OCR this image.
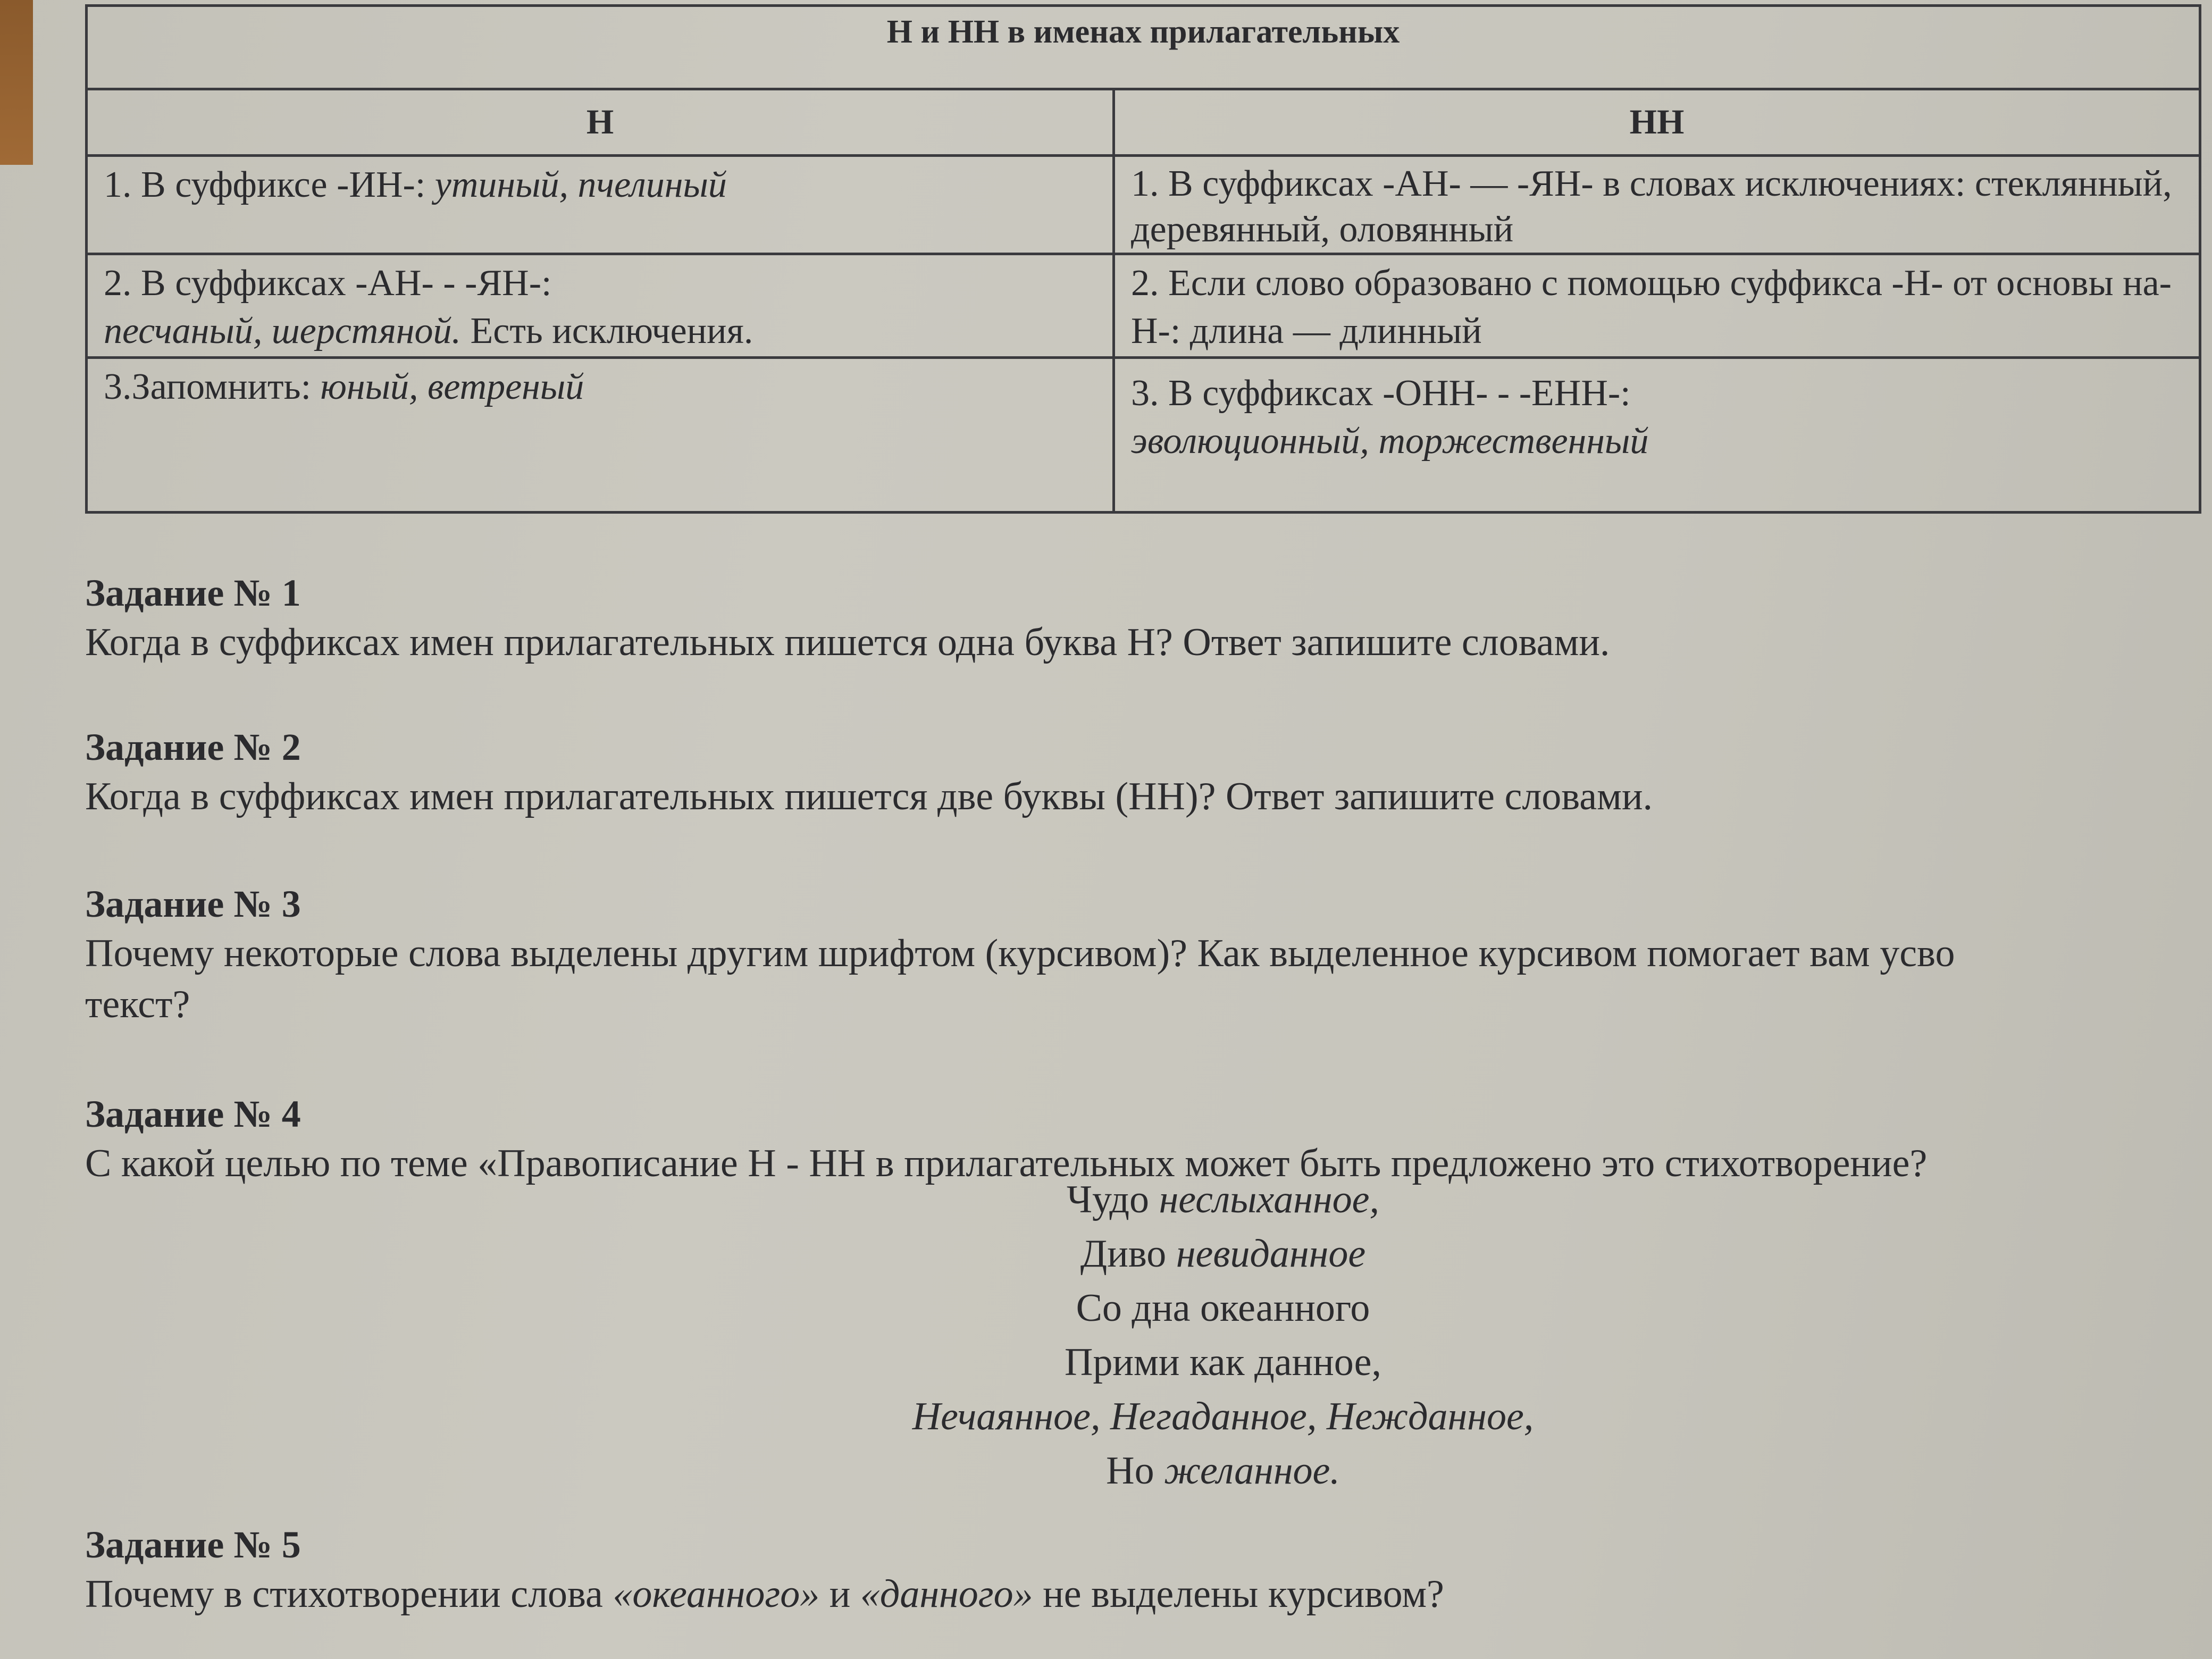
Н и НН в именах прилагательных	
Н	НН

1. В суффиксе -ИН-: утиный, пчелиный	1. В суффиксах -АН- — -ЯН- в словах исключениях: стеклянный, деревянный, оловянный

2. В суффиксах -АН- - -ЯН-:
песчаный, шерстяной. Есть исключения.	2. Если слово образовано с помощью суффикса -Н- от основы на-Н-: длина — длинный

3.Запомнить: юный, ветреный	3. В суффиксах -ОНН- - -ЕНН-:
эволюционный, торжественный
Задание № 1
Когда в суффиксах имен прилагательных пишется одна буква Н? Ответ запишите словами.
Задание № 2
Когда в суффиксах имен прилагательных пишется две буквы (НН)? Ответ запишите словами.
Задание № 3
Почему некоторые слова выделены другим шрифтом (курсивом)? Как выделенное курсивом помогает вам усво
текст?
Задание № 4
С какой целью по теме «Правописание Н - НН в прилагательных может быть предложено это стихотворение?
Чудо неслыханное,
Диво невиданное
Со дна океанного
Прими как данное,
Нечаянное, Негаданное, Нежданное,
Но желанное.
Задание № 5
Почему в стихотворении слова «океанного» и «данного» не выделены курсивом?
